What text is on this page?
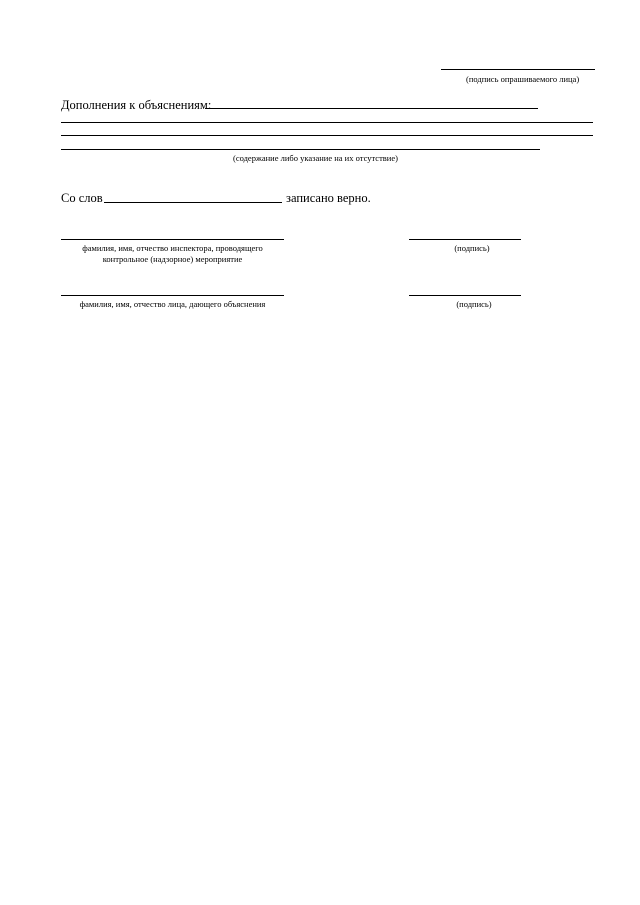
(подпись опрашиваемого лица)
Дополнения к объяснениям:
(содержание либо указание на их отсутствие)
Со слов	записано верно.
фамилия, имя, отчество инспектора, проводящего
контрольное (надзорное) мероприятие
(подпись)
фамилия, имя, отчество лица, дающего объяснения	(подпись)
